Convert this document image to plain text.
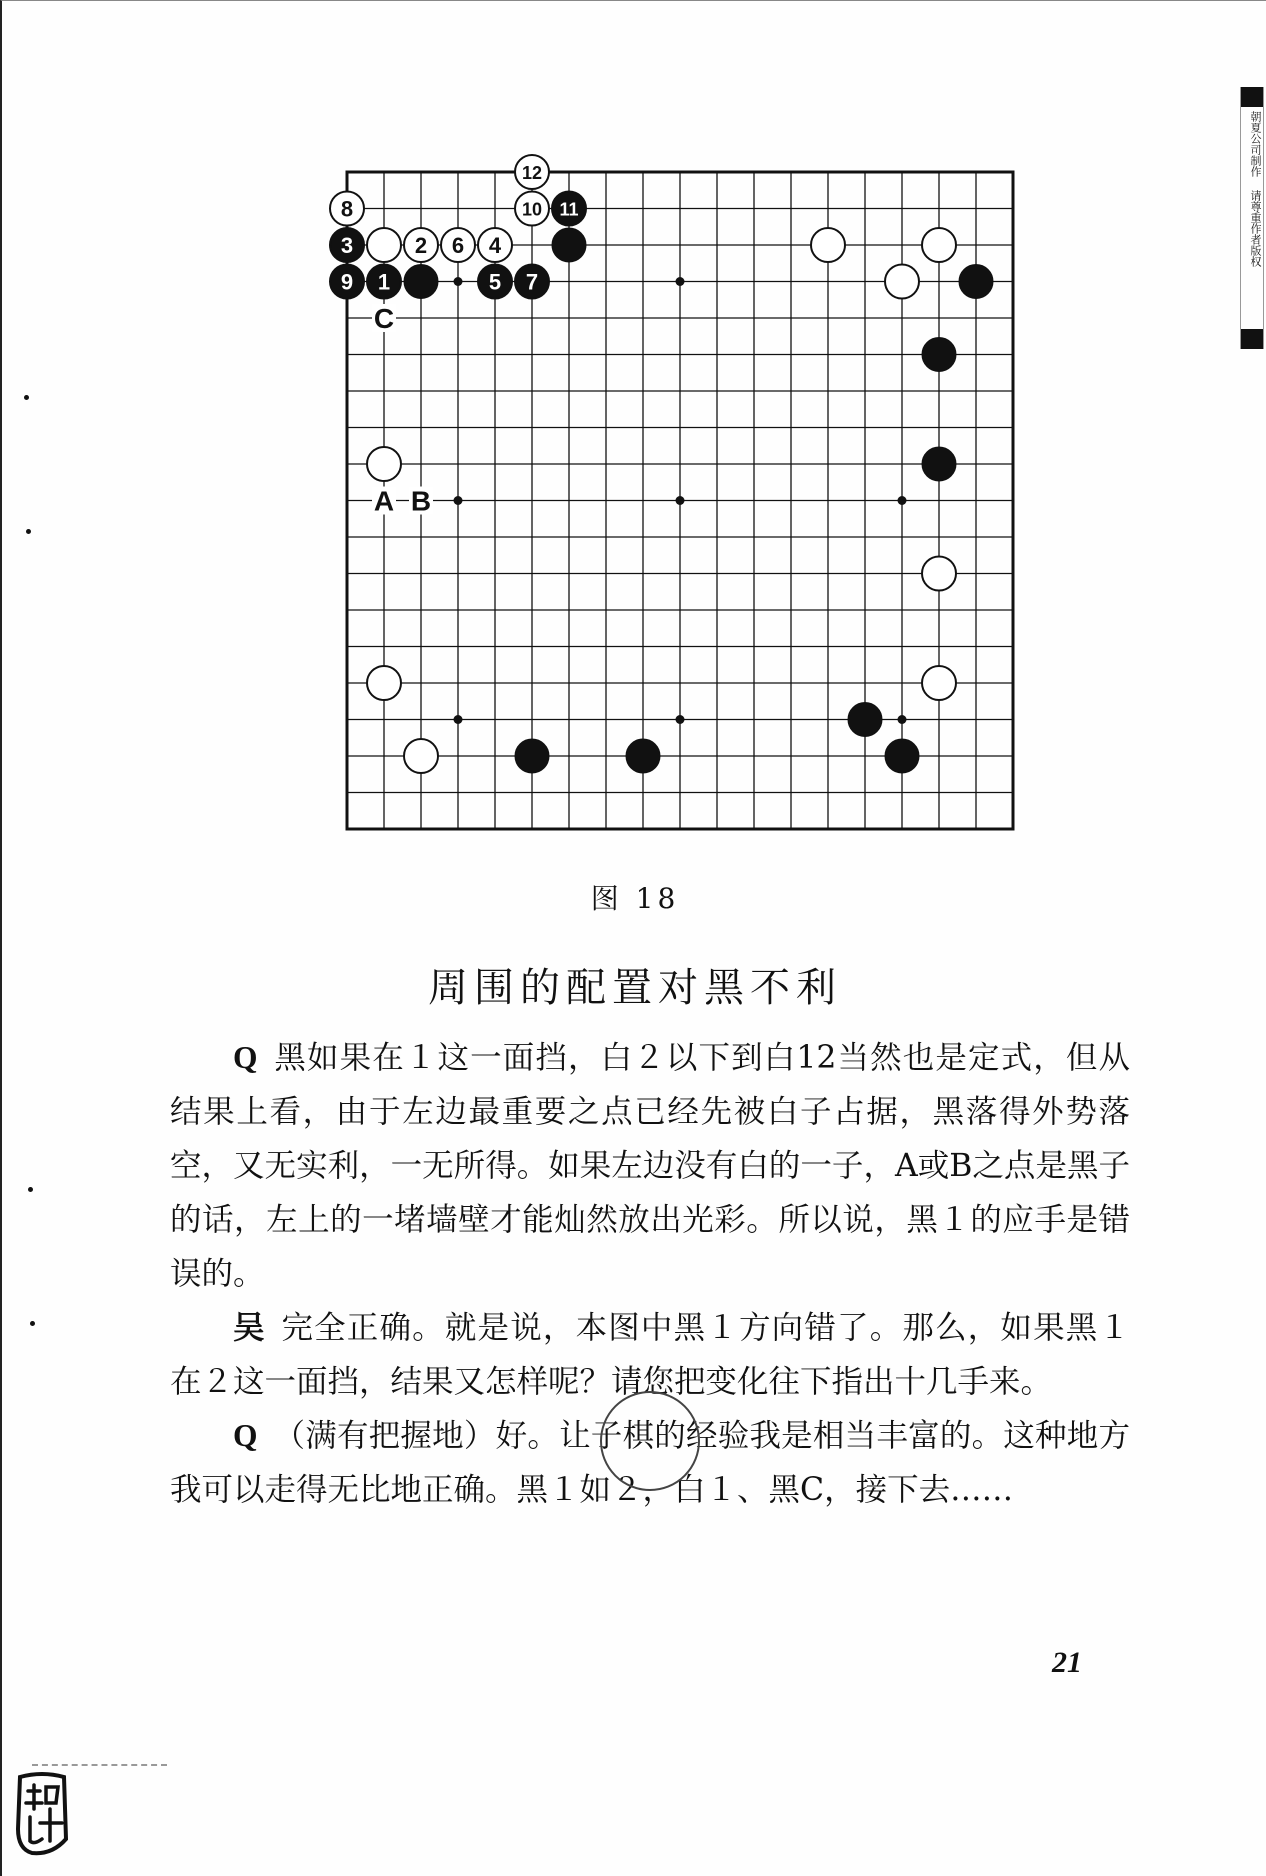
朝夏公司制作 请尊重作者版权
1
2
3	4
5
6
7
8
9
10 11
12
C
A B
图 18
周围的配置对黑不利

Q 黑如果在１这一面挡，白２以下到白12当然也是定式，但从结果上看，由于左边最重要之点已经先被白子占据，黑落得外势落空，又无实利，一无所得。如果左边没有白的一子，A或B之点是黑子的话，左上的一堵墙壁才能灿然放出光彩。所以说，黑１的应手是错误的。

吴 完全正确。就是说，本图中黑１方向错了。那么，如果黑１在２这一面挡，结果又怎样呢？请您把变化往下指出十几手来。

Q （满有把握地）好。让子棋的经验我是相当丰富的。这种地方我可以走得无比地正确。黑１如２，白１、黑C，接下去……

21
